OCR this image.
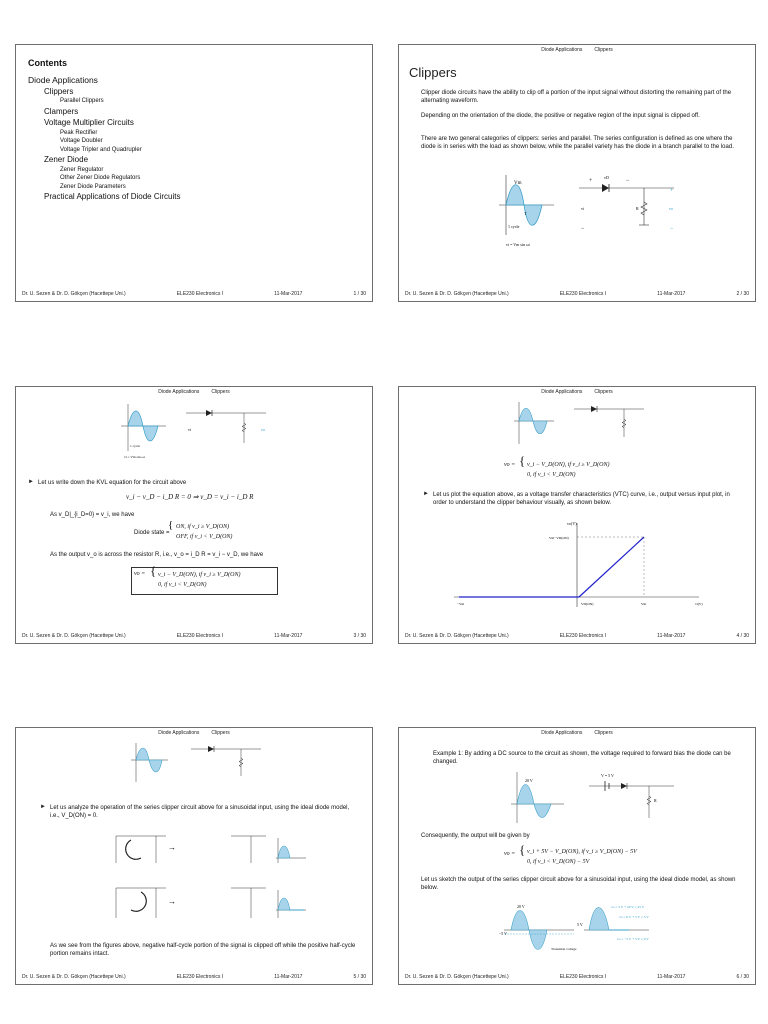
Contents
Diode Applications
Clippers
Parallel Clippers
Clampers
Voltage Multiplier Circuits
Peak Rectifier
Voltage Doubler
Voltage Tripler and Quadrupler
Zener Diode
Zener Regulator
Other Zener Diode Regulators
Zener Diode Parameters
Practical Applications of Diode Circuits
Dr. U. Sezen & Dr. D. Gökçen (Hacettepe Uni.)	ELE230 Electronics I	11-Mar-2017	1 / 30
Diode Applications Clippers
Clippers
Clipper diode circuits have the ability to clip off a portion of the input signal without distorting the remaining part of the alternating waveform.
Depending on the orientation of the diode, the positive or negative region of the input signal is clipped off.
There are two general categories of clippers: series and parallel. The series configuration is defined as one where the diode is in series with the load as shown below, while the parallel variety has the diode in a branch parallel to the load.
Vm
T
1 cycle
vi = Vm sin ωt
+	−
vD
vi	R	vo
−
+
−
Dr. U. Sezen & Dr. D. Gökçen (Hacettepe Uni.)	ELE230 Electronics I	11-Mar-2017	2 / 30
Diode Applications Clippers
1 cycle
vi = Vm sin ωt
vo
vi
► Let us write down the KVL equation for the circuit above
v_i − v_D − i_D R = 0 ⇒ v_D = v_i − i_D R
As v_D|_{i_D=0} = v_i, we have
Diode state =
{ ON, if v_i ≥ V_D(ON)
OFF, if v_i < V_D(ON)
As the output v_o is across the resistor R, i.e., v_o = i_D R = v_i − v_D, we have
vo = { v_i − V_D(ON), if v_i ≥ V_D(ON)
0, if v_i < V_D(ON)
Dr. U. Sezen & Dr. D. Gökçen (Hacettepe Uni.)	ELE230 Electronics I	11-Mar-2017	3 / 30
Diode Applications Clippers
vo = { v_i − V_D(ON), if v_i ≥ V_D(ON)
0, if v_i < V_D(ON)
► Let us plot the equation above, as a voltage transfer characteristics (VTC) curve, i.e., output versus input plot, in order to understand the clipper behaviour visually, as shown below.
vo(V)
Vm−VD(ON)
vi(V)
VD(ON)
−Vm	Vm
Dr. U. Sezen & Dr. D. Gökçen (Hacettepe Uni.)	ELE230 Electronics I	11-Mar-2017	4 / 30
Diode Applications Clippers
► Let us analyze the operation of the series clipper circuit above for a sinusoidal input, using the ideal diode model, i.e., V_D(ON) = 0.
→
→
As we see from the figures above, negative half-cycle portion of the signal is clipped off while the positive half-cycle portion remains intact.
Dr. U. Sezen & Dr. D. Gökçen (Hacettepe Uni.)	ELE230 Electronics I	11-Mar-2017	5 / 30
Diode Applications Clippers
Example 1: By adding a DC source to the circuit as shown, the voltage required to forward bias the diode can be changed.
20 V
V = 5 V
R
Consequently, the output will be given by
vo = { v_i + 5V − V_D(ON), if v_i ≥ V_D(ON) − 5V
0, if v_i < V_D(ON) − 5V
Let us sketch the output of the series clipper circuit above for a sinusoidal input, using the ideal diode model, as shown below.
20 V
−5 V
Transition voltage
5 V
vo = 5 V + 20 V = 25 V
vo = 0 V + 5 V = 5 V
vo = −5 V + 5 V = 0 V
Dr. U. Sezen & Dr. D. Gökçen (Hacettepe Uni.)	ELE230 Electronics I	11-Mar-2017	6 / 30
